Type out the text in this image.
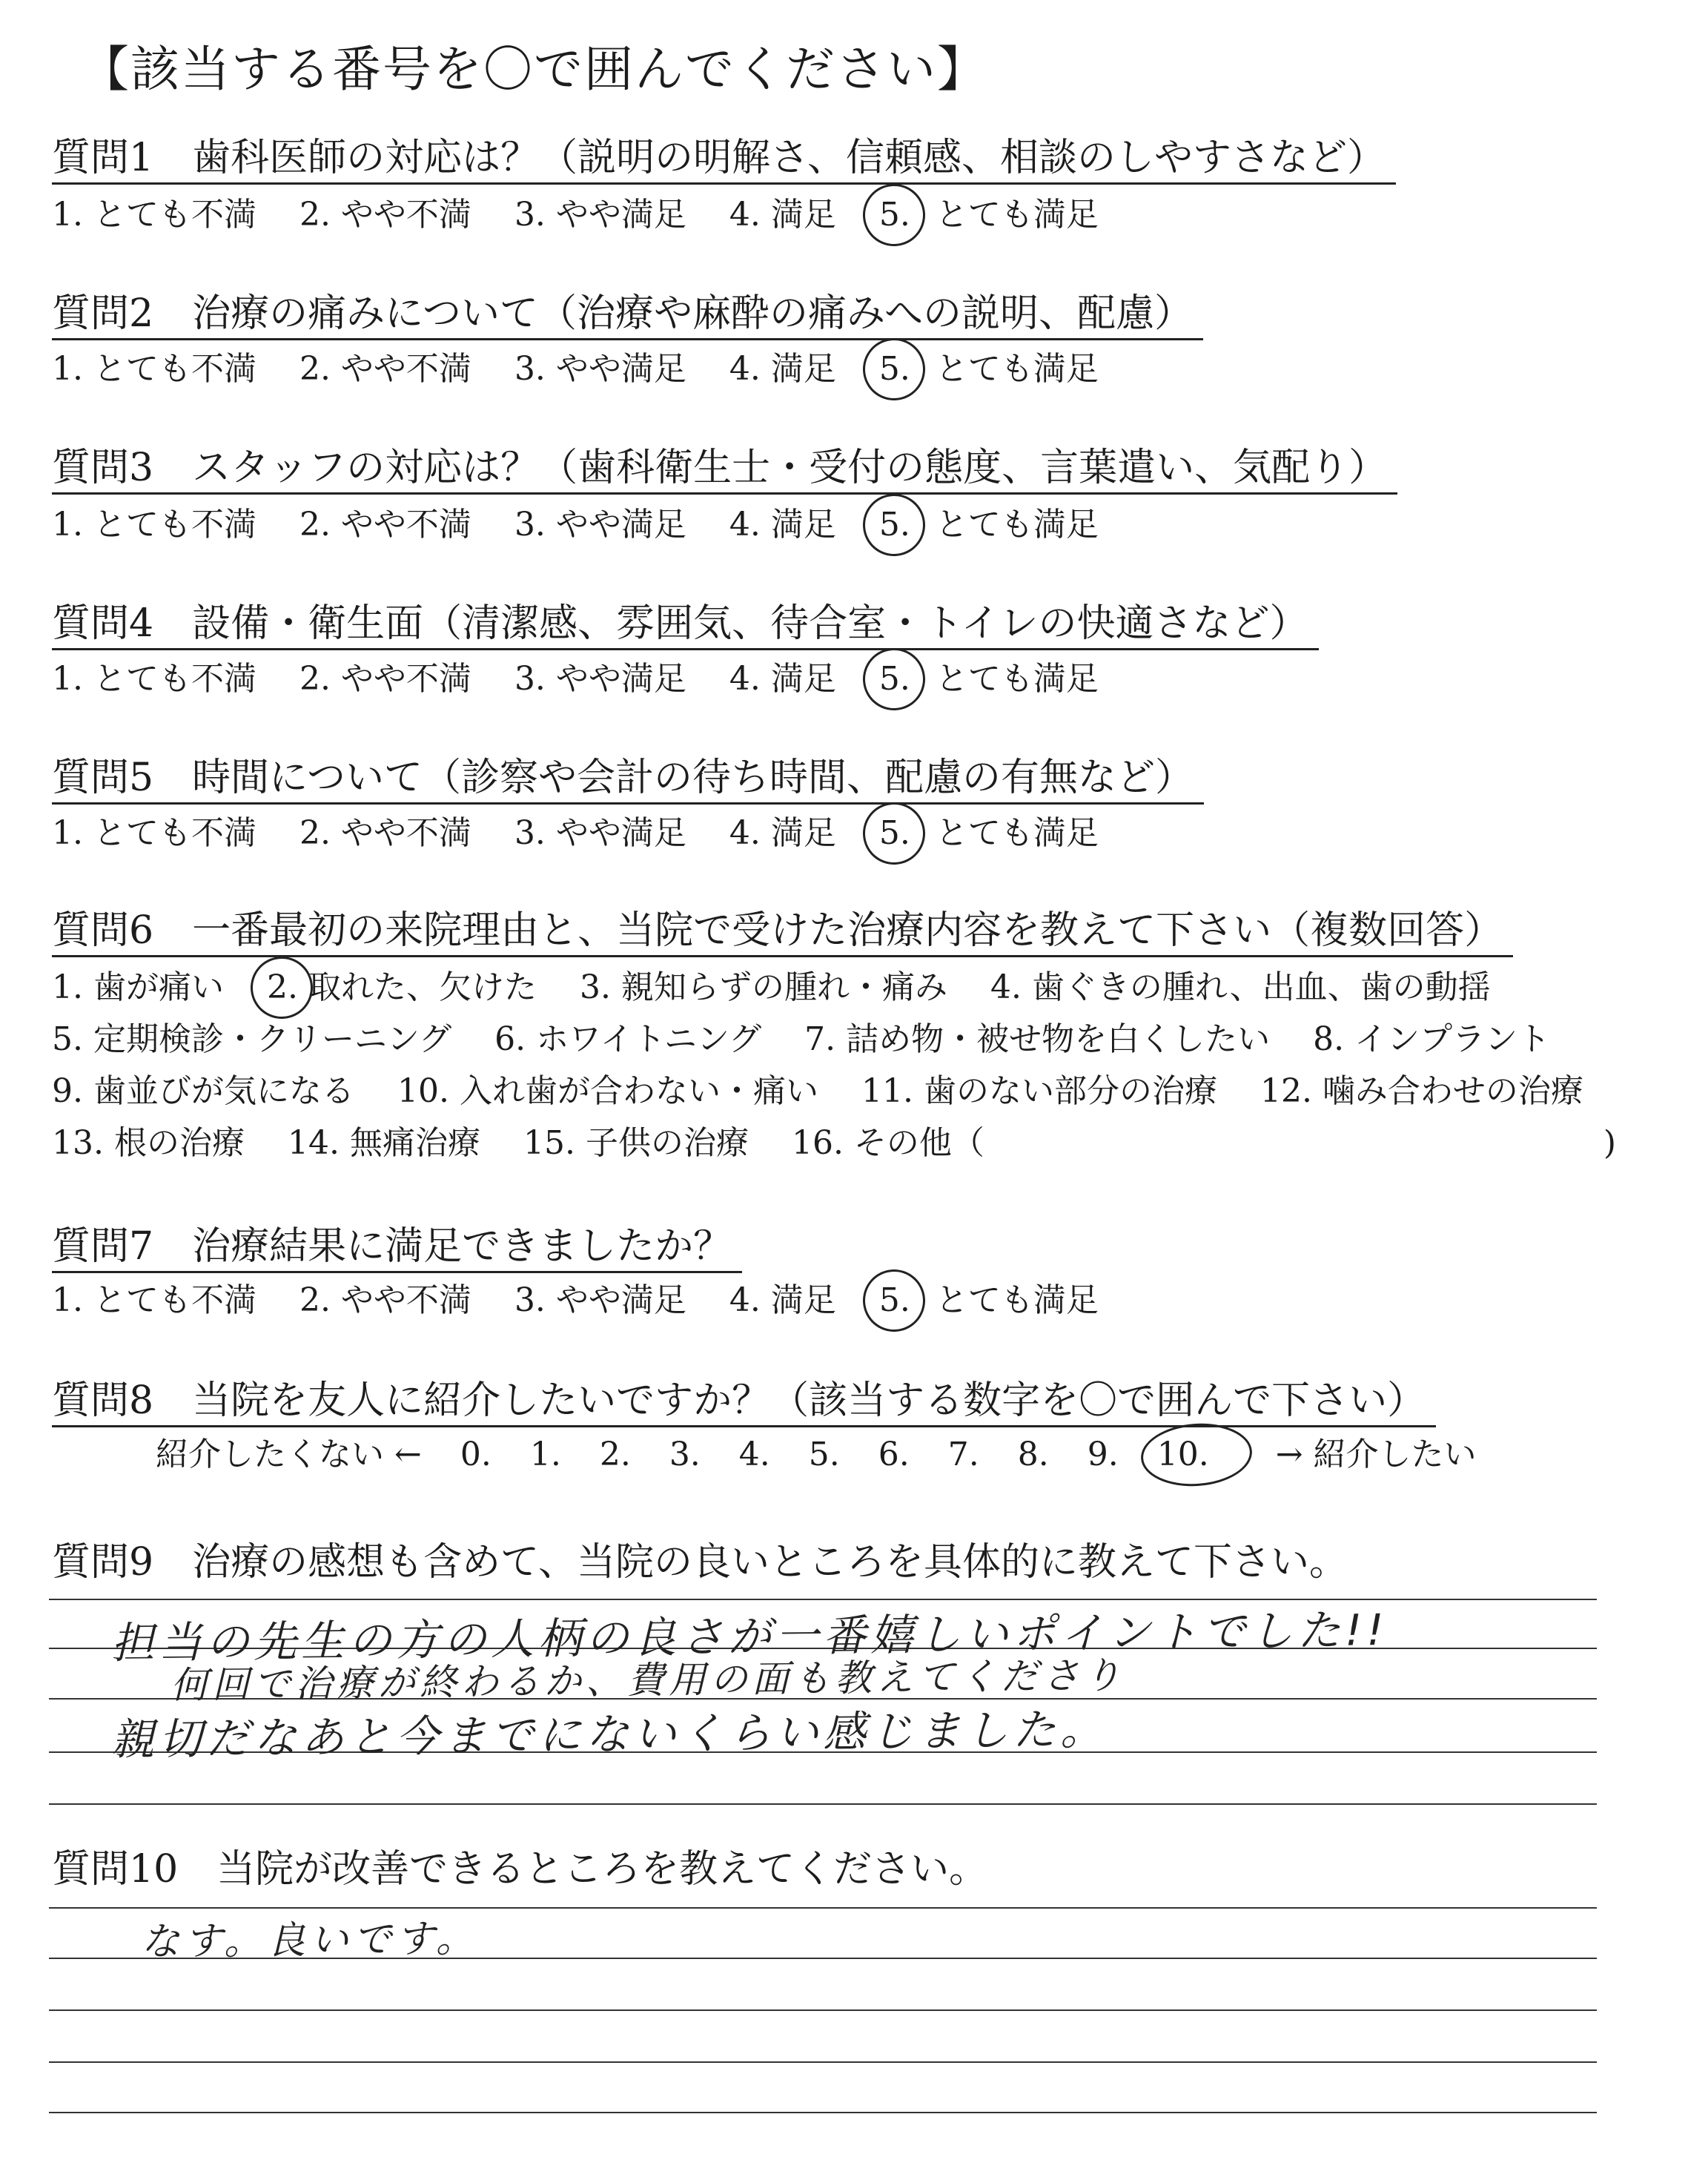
【該当する番号を〇で囲んでください】
質問1　歯科医師の対応は？（説明の明解さ、信頼感、相談のしやすさなど）
1. とても不満 2. やや不満 3. やや満足 4. 満足 5. とても満足
質問2　治療の痛みについて（治療や麻酔の痛みへの説明、配慮）
1. とても不満 2. やや不満 3. やや満足 4. 満足 5. とても満足
質問3　スタッフの対応は？（歯科衛生士・受付の態度、言葉遣い、気配り）
1. とても不満 2. やや不満 3. やや満足 4. 満足 5. とても満足
質問4　設備・衛生面（清潔感、雰囲気、待合室・トイレの快適さなど）
1. とても不満 2. やや不満 3. やや満足 4. 満足 5. とても満足
質問5　時間について（診察や会計の待ち時間、配慮の有無など）
1. とても不満 2. やや不満 3. やや満足 4. 満足 5. とても満足
質問6　一番最初の来院理由と、当院で受けた治療内容を教えて下さい（複数回答）
1. 歯が痛い 2. 取れた、欠けた 3. 親知らずの腫れ・痛み 4. 歯ぐきの腫れ、出血、歯の動揺
5. 定期検診・クリーニング 6. ホワイトニング 7. 詰め物・被せ物を白くしたい 8. インプラント
9. 歯並びが気になる 10. 入れ歯が合わない・痛い 11. 歯のない部分の治療 12. 噛み合わせの治療
13. 根の治療 14. 無痛治療 15. 子供の治療 16. その他（	)
質問7　治療結果に満足できましたか？
1. とても不満 2. やや不満 3. やや満足 4. 満足 5. とても満足
質問8　当院を友人に紹介したいですか？（該当する数字を〇で囲んで下さい）
紹介したくない ← 0. 1. 2. 3. 4. 5. 6. 7. 8. 9. 10. → 紹介したい
質問9　治療の感想も含めて、当院の良いところを具体的に教えて下さい。
担当の先生の方の人柄の良さが一番嬉しいポイントでした!!
何回で治療が終わるか、費用の面も教えてくださり
親切だなあと今までにないくらい感じました。
質問10　当院が改善できるところを教えてください。
なす。良いです。
